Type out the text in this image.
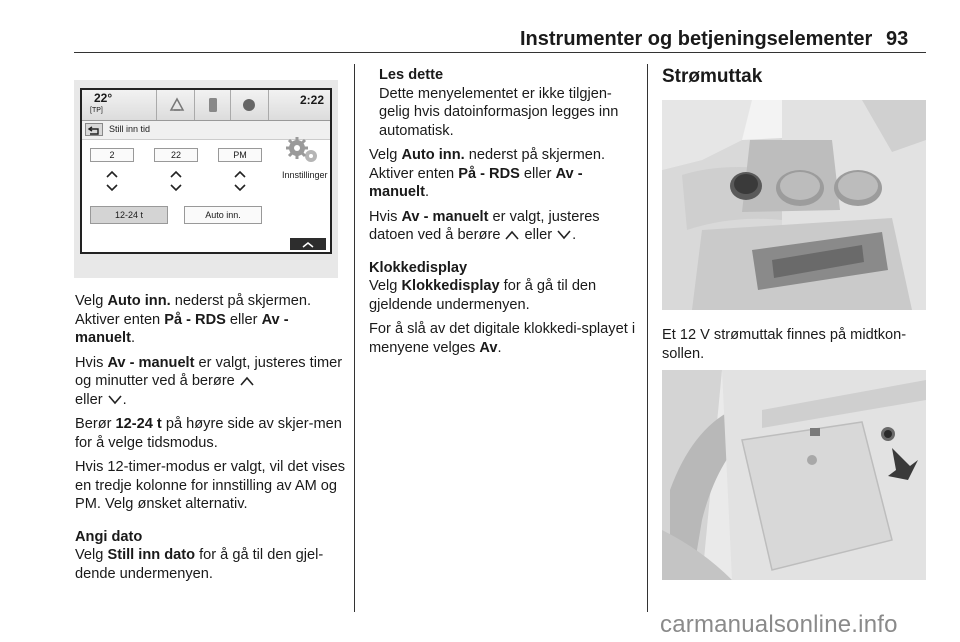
Instrumenter og betjeningselementer 93
22°
[TP]
2:22
Still inn tid
2	22	PM
Innstillinger
12-24 t	Auto inn.

Velg Auto inn. nederst på skjermen. Aktiver enten På - RDS eller Av - manuelt.

Hvis Av - manuelt er valgt, justeres timer og minutter ved å berøre

eller
.

Berør 12-24 t på høyre side av skjer-men for å velge tidsmodus.

Hvis 12-timer-modus er valgt, vil det vises en tredje kolonne for innstilling av AM og PM. Velg ønsket alternativ.

Angi dato

Velg Still inn dato for å gå til den gjel-dende undermenyen.

Les dette

Dette menyelementet er ikke tilgjen-gelig hvis datoinformasjon legges inn automatisk.

Velg Auto inn. nederst på skjermen. Aktiver enten På - RDS eller Av - manuelt.

Hvis Av - manuelt er valgt, justeres datoen ved å berøre
eller
.

Klokkedisplay

Velg Klokkedisplay for å gå til den gjeldende undermenyen.

For å slå av det digitale klokkedi-splayet i menyene velges Av.

Strømuttak
Et 12 V strømuttak finnes på midtkon-sollen.
carmanualsonline.info
